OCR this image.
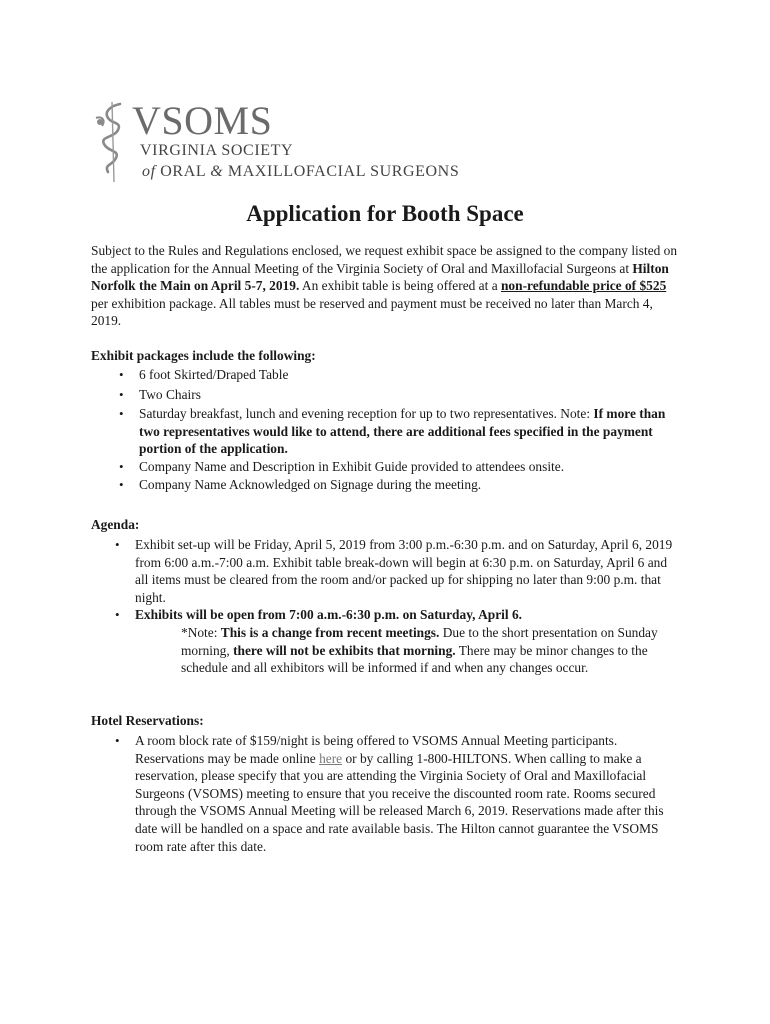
VSOMS
VIRGINIA SOCIETY
of ORAL & MAXILLOFACIAL SURGEONS
Application for Booth Space
Subject to the Rules and Regulations enclosed, we request exhibit space be assigned to the company listed on the application for the Annual Meeting of the Virginia Society of Oral and Maxillofacial Surgeons at Hilton Norfolk the Main on April 5-7, 2019. An exhibit table is being offered at a non-refundable price of $525 per exhibition package. All tables must be reserved and payment must be received no later than March 4, 2019.
Exhibit packages include the following:
• 6 foot Skirted/Draped Table
• Two Chairs
• Saturday breakfast, lunch and evening reception for up to two representatives. Note: If more than two representatives would like to attend, there are additional fees specified in the payment portion of the application.
• Company Name and Description in Exhibit Guide provided to attendees onsite.
• Company Name Acknowledged on Signage during the meeting.
Agenda:
• Exhibit set-up will be Friday, April 5, 2019 from 3:00 p.m.-6:30 p.m. and on Saturday, April 6, 2019 from 6:00 a.m.-7:00 a.m. Exhibit table break-down will begin at 6:30 p.m. on Saturday, April 6 and all items must be cleared from the room and/or packed up for shipping no later than 9:00 p.m. that night.
• Exhibits will be open from 7:00 a.m.-6:30 p.m. on Saturday, April 6.
*Note: This is a change from recent meetings. Due to the short presentation on Sunday morning, there will not be exhibits that morning. There may be minor changes to the schedule and all exhibitors will be informed if and when any changes occur.
Hotel Reservations:
• A room block rate of $159/night is being offered to VSOMS Annual Meeting participants. Reservations may be made online here or by calling 1-800-HILTONS. When calling to make a reservation, please specify that you are attending the Virginia Society of Oral and Maxillofacial Surgeons (VSOMS) meeting to ensure that you receive the discounted room rate. Rooms secured through the VSOMS Annual Meeting will be released March 6, 2019. Reservations made after this date will be handled on a space and rate available basis. The Hilton cannot guarantee the VSOMS room rate after this date.
